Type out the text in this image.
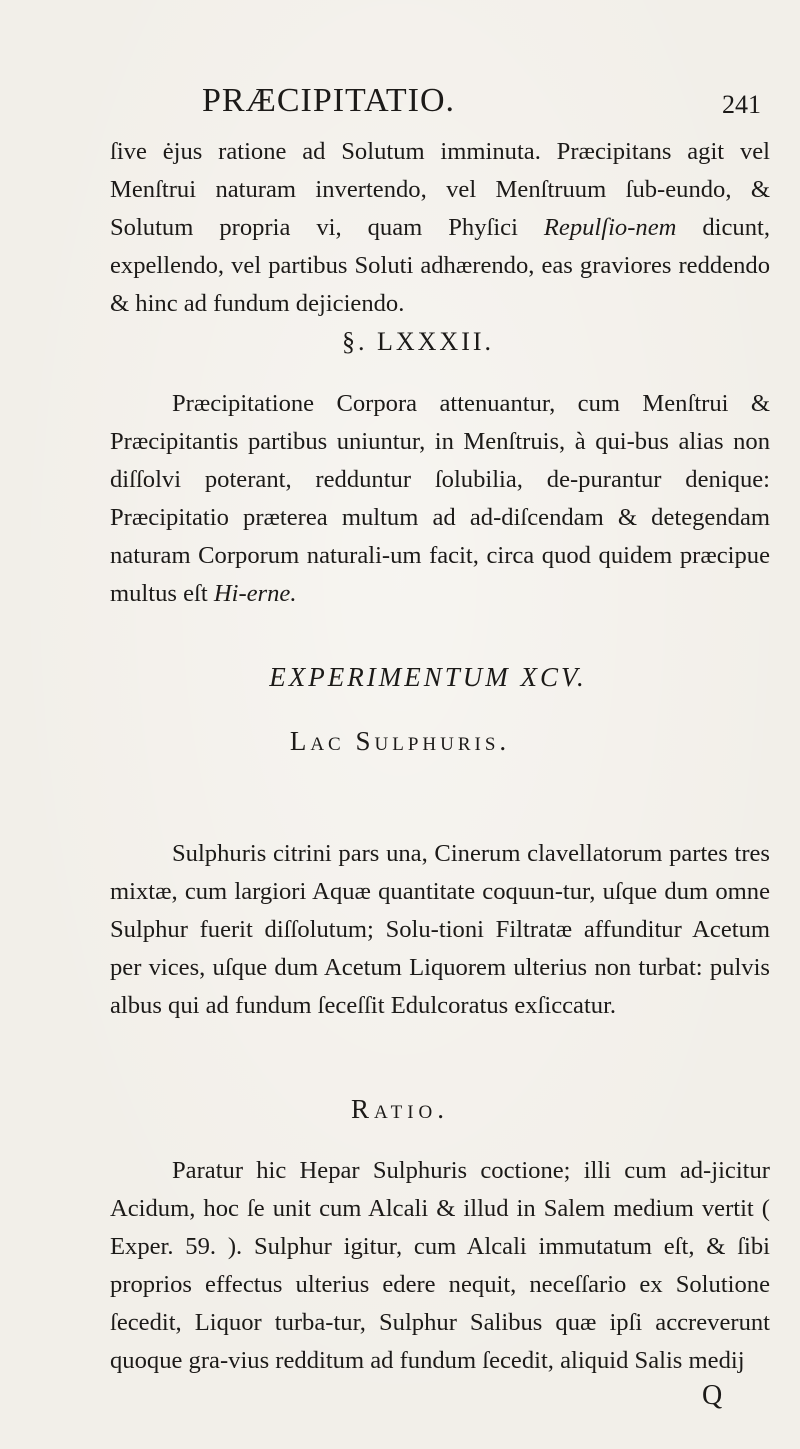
PRÆCIPITATIO.	241
ſive ėjus ratione ad Solutum imminuta. Præcipitans agit vel Menſtrui naturam invertendo, vel Menſtruum ſub-eundo, & Solutum propria vi, quam Phyſici Repulſio-nem dicunt, expellendo, vel partibus Soluti adhærendo, eas graviores reddendo & hinc ad fundum dejiciendo.
§. LXXXII.
Præcipitatione Corpora attenuantur, cum Menſtrui & Præcipitantis partibus uniuntur, in Menſtruis, à qui-bus alias non diſſolvi poterant, redduntur ſolubilia, de-purantur denique: Præcipitatio præterea multum ad ad-diſcendam & detegendam naturam Corporum naturali-um facit, circa quod quidem præcipue multus eſt Hi-erne.
EXPERIMENTUM XCV.
Lac Sulphuris.
Sulphuris citrini pars una, Cinerum clavellatorum partes tres mixtæ, cum largiori Aquæ quantitate coquun-tur, uſque dum omne Sulphur fuerit diſſolutum; Solu-tioni Filtratæ affunditur Acetum per vices, uſque dum Acetum Liquorem ulterius non turbat: pulvis albus qui ad fundum ſeceſſit Edulcoratus exſiccatur.
Ratio.
Paratur hic Hepar Sulphuris coctione; illi cum ad-jicitur Acidum, hoc ſe unit cum Alcali & illud in Salem medium vertit ( Exper. 59. ). Sulphur igitur, cum Alcali immutatum eſt, & ſibi proprios effectus ulterius edere nequit, neceſſario ex Solutione ſecedit, Liquor turba-tur, Sulphur Salibus quæ ipſi accreverunt quoque gra-vius redditum ad fundum ſecedit, aliquid Salis medij
Q
